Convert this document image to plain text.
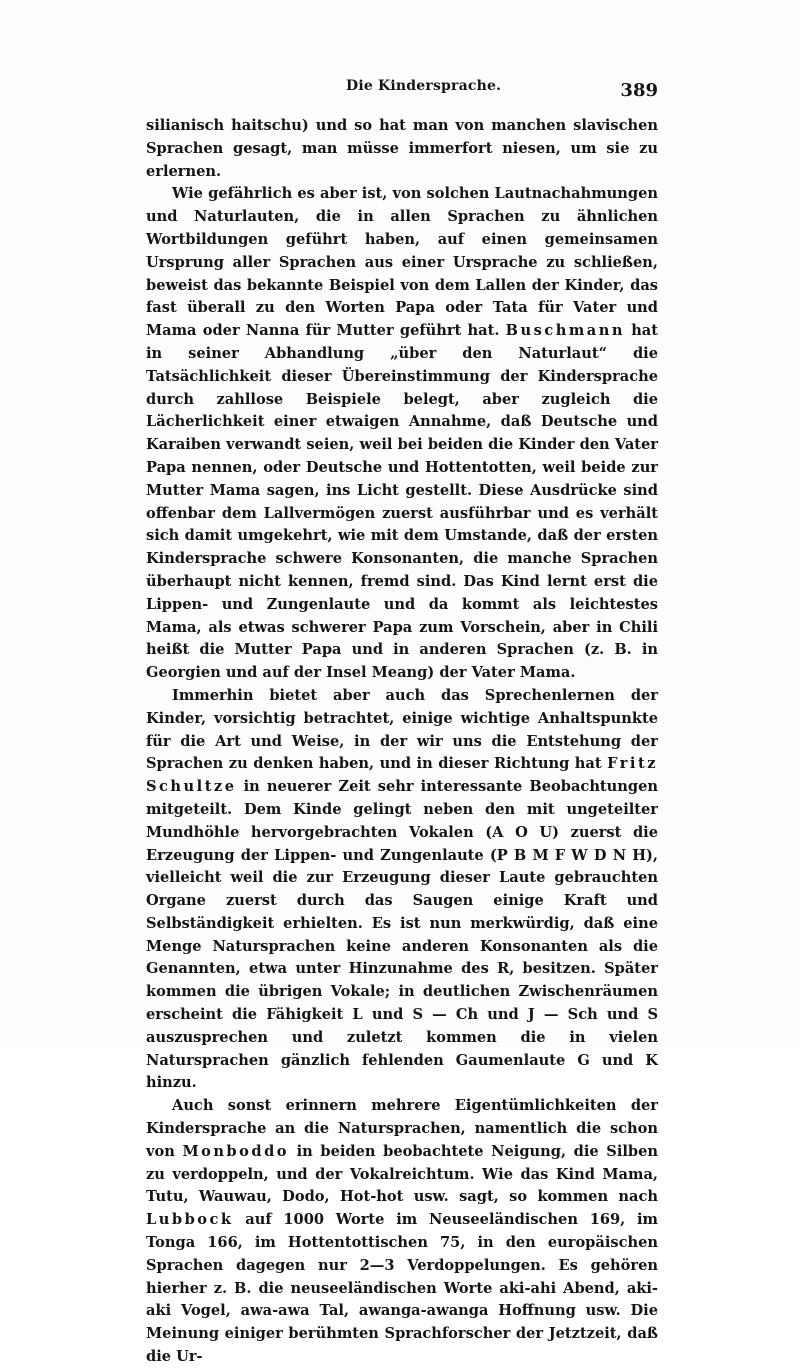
Die Kindersprache.	389

silianisch haitschu) und so hat man von manchen slavischen Sprachen gesagt, man müsse immerfort niesen, um sie zu erlernen.

Wie gefährlich es aber ist, von solchen Lautnachahmungen und Naturlauten, die in allen Sprachen zu ähnlichen Wortbildungen geführt haben, auf einen gemeinsamen Ursprung aller Sprachen aus einer Ursprache zu schließen, beweist das bekannte Beispiel von dem Lallen der Kinder, das fast überall zu den Worten Papa oder Tata für Vater und Mama oder Nanna für Mutter geführt hat. Buschmann hat in seiner Abhandlung „über den Naturlaut“ die Tatsächlichkeit dieser Übereinstimmung der Kindersprache durch zahllose Beispiele belegt, aber zugleich die Lächerlichkeit einer etwaigen Annahme, daß Deutsche und Karaiben verwandt seien, weil bei beiden die Kinder den Vater Papa nennen, oder Deutsche und Hottentotten, weil beide zur Mutter Mama sagen, ins Licht gestellt. Diese Ausdrücke sind offenbar dem Lallvermögen zuerst ausführbar und es verhält sich damit umgekehrt, wie mit dem Umstande, daß der ersten Kindersprache schwere Konsonanten, die manche Sprachen überhaupt nicht kennen, fremd sind. Das Kind lernt erst die Lippen- und Zungenlaute und da kommt als leichtestes Mama, als etwas schwerer Papa zum Vorschein, aber in Chili heißt die Mutter Papa und in anderen Sprachen (z. B. in Georgien und auf der Insel Meang) der Vater Mama.

Immerhin bietet aber auch das Sprechenlernen der Kinder, vorsichtig betrachtet, einige wichtige Anhaltspunkte für die Art und Weise, in der wir uns die Entstehung der Sprachen zu denken haben, und in dieser Richtung hat Fritz Schultze in neuerer Zeit sehr interessante Beobachtungen mitgeteilt. Dem Kinde gelingt neben den mit ungeteilter Mundhöhle hervorgebrachten Vokalen (A O U) zuerst die Erzeugung der Lippen- und Zungenlaute (P B M F W D N H), vielleicht weil die zur Erzeugung dieser Laute gebrauchten Organe zuerst durch das Saugen einige Kraft und Selbständigkeit erhielten. Es ist nun merkwürdig, daß eine Menge Natursprachen keine anderen Konsonanten als die Genannten, etwa unter Hinzunahme des R, besitzen. Später kommen die übrigen Vokale; in deutlichen Zwischenräumen erscheint die Fähigkeit L und S — Ch und J — Sch und S auszusprechen und zuletzt kommen die in vielen Natursprachen gänzlich fehlenden Gaumenlaute G und K hinzu.

Auch sonst erinnern mehrere Eigentümlichkeiten der Kindersprache an die Natursprachen, namentlich die schon von Monboddo in beiden beobachtete Neigung, die Silben zu verdoppeln, und der Vokalreichtum. Wie das Kind Mama, Tutu, Wauwau, Dodo, Hot-hot usw. sagt, so kommen nach Lubbock auf 1000 Worte im Neuseeländischen 169, im Tonga 166, im Hottentottischen 75, in den europäischen Sprachen dagegen nur 2—3 Verdoppelungen. Es gehören hierher z. B. die neuseeländischen Worte aki-ahi Abend, aki-aki Vogel, awa-awa Tal, awanga-awanga Hoffnung usw. Die Meinung einiger berühmten Sprachforscher der Jetztzeit, daß die Ur-
